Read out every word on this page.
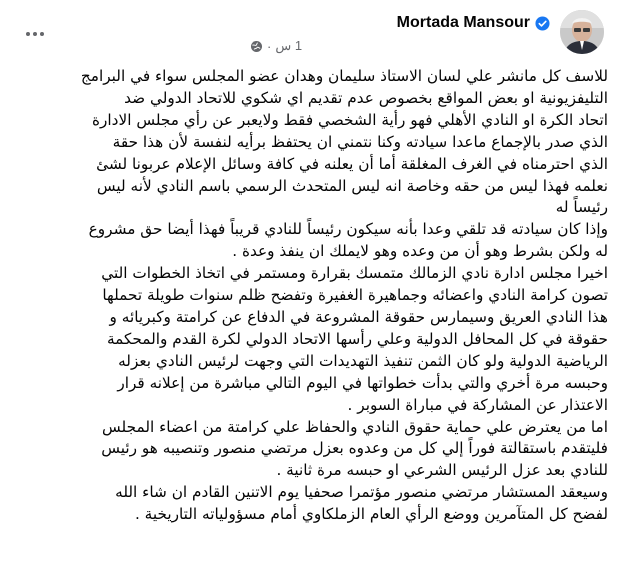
Mortada Mansour
1 س
·

للاسف كل مانشر علي لسان الاستاذ سليمان وهدان عضو المجلس سواء في البرامج

التليفزيونية او بعض المواقع بخصوص عدم تقديم اي شكوي للاتحاد الدولي ضد

اتحاد الكرة او النادي الأهلي فهو رأية الشخصي فقط ولايعبر عن رأي مجلس الادارة

الذي صدر بالإجماع ماعدا سيادته وكنا نتمني ان يحتفظ برأيه لنفسة لأن هذا حقة

الذي احترمناه في الغرف المغلقة أما أن يعلنه في كافة وسائل الإعلام عربونا لشئ

نعلمه فهذا ليس من حقه وخاصة انه ليس المتحدث الرسمي باسم النادي لأنه ليس

رئيساً له

وإذا كان سيادته قد تلقي وعدا بأنه سيكون رئيساً للنادي قريباً فهذا أيضا حق مشروع

له ولكن بشرط وهو أن من وعده وهو لايملك ان ينفذ وعدة .

اخيرا مجلس ادارة نادي الزمالك متمسك بقرارة ومستمر في اتخاذ الخطوات التي

تصون كرامة النادي واعضائه وجماهيرة الغفيرة وتفضح ظلم سنوات طويلة تحملها

هذا النادي العريق وسيمارس حقوقة المشروعة في الدفاع عن كرامتة وكبريائه و

حقوقة في كل المحافل الدولية وعلي رأسها الاتحاد الدولي لكرة القدم والمحكمة

الرياضية الدولية ولو كان الثمن تنفيذ التهديدات التي وجهت لرئيس النادي بعزله

وحبسه مرة أخري والتي بدأت خطواتها في اليوم التالي مباشرة من إعلانه قرار

الاعتذار عن المشاركة في مباراة السوبر .

اما من يعترض علي حماية حقوق النادي والحفاظ علي كرامتة من اعضاء المجلس

فليتقدم باستقالتة فوراً إلي كل من وعدوه بعزل مرتضي منصور وتنصيبه هو رئيس

للنادي بعد عزل الرئيس الشرعي او حبسه مرة ثانية .

وسيعقد المستشار مرتضي منصور مؤتمرا صحفيا يوم الاتنين القادم ان شاء الله

لفضح كل المتآمرين ووضع الرأي العام الزملكاوي أمام مسؤولياته التاريخية .
